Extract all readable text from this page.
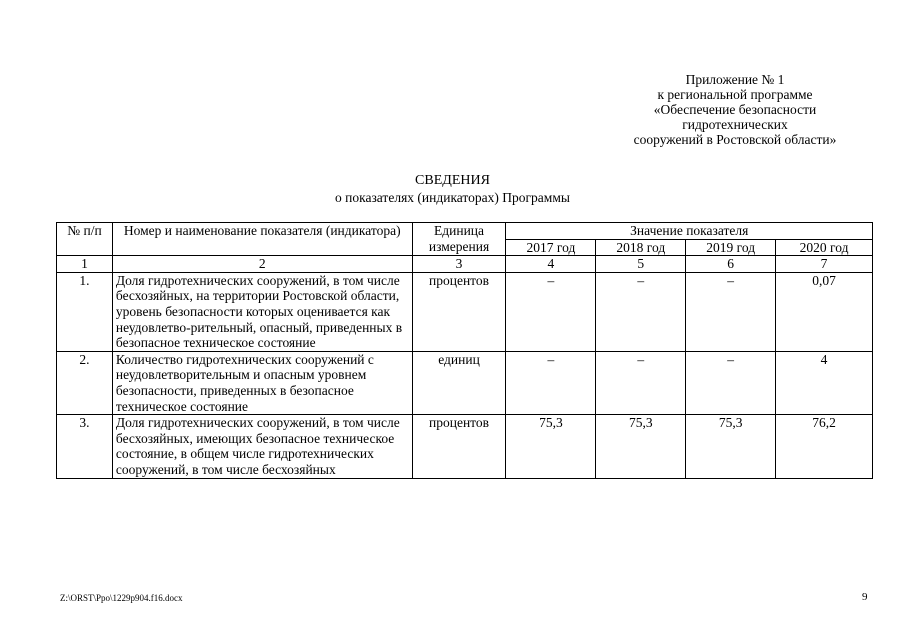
Приложение № 1
к региональной программе
«Обеспечение безопасности
гидротехнических
сооружений в Ростовской области»
СВЕДЕНИЯ
о показателях (индикаторах) Программы
№ п/п	Номер и наименование показателя (индикатора)	Единица измерения	Значение показателя			
			2017 год	2018 год	2019 год	2020 год
1	2	3	4	5	6	7
1.	Доля гидротехнических сооружений, в том числе бесхозяйных, на территории Ростовской области, уровень безопасности которых оценивается как неудовлетво-рительный, опасный, приведенных в безопасное техническое состояние	процентов	–	–	–	0,07
2.	Количество гидротехнических сооружений с неудовлетворительным и опасным уровнем безопасности, приведенных в безопасное техническое состояние	единиц	–	–	–	4
3.	Доля гидротехнических сооружений, в том числе бесхозяйных, имеющих безопасное техническое состояние, в общем числе гидротехнических сооружений, в том числе бесхозяйных	процентов	75,3	75,3	75,3	76,2
Z:\ORST\Ppo\1229p904.f16.docx	9
